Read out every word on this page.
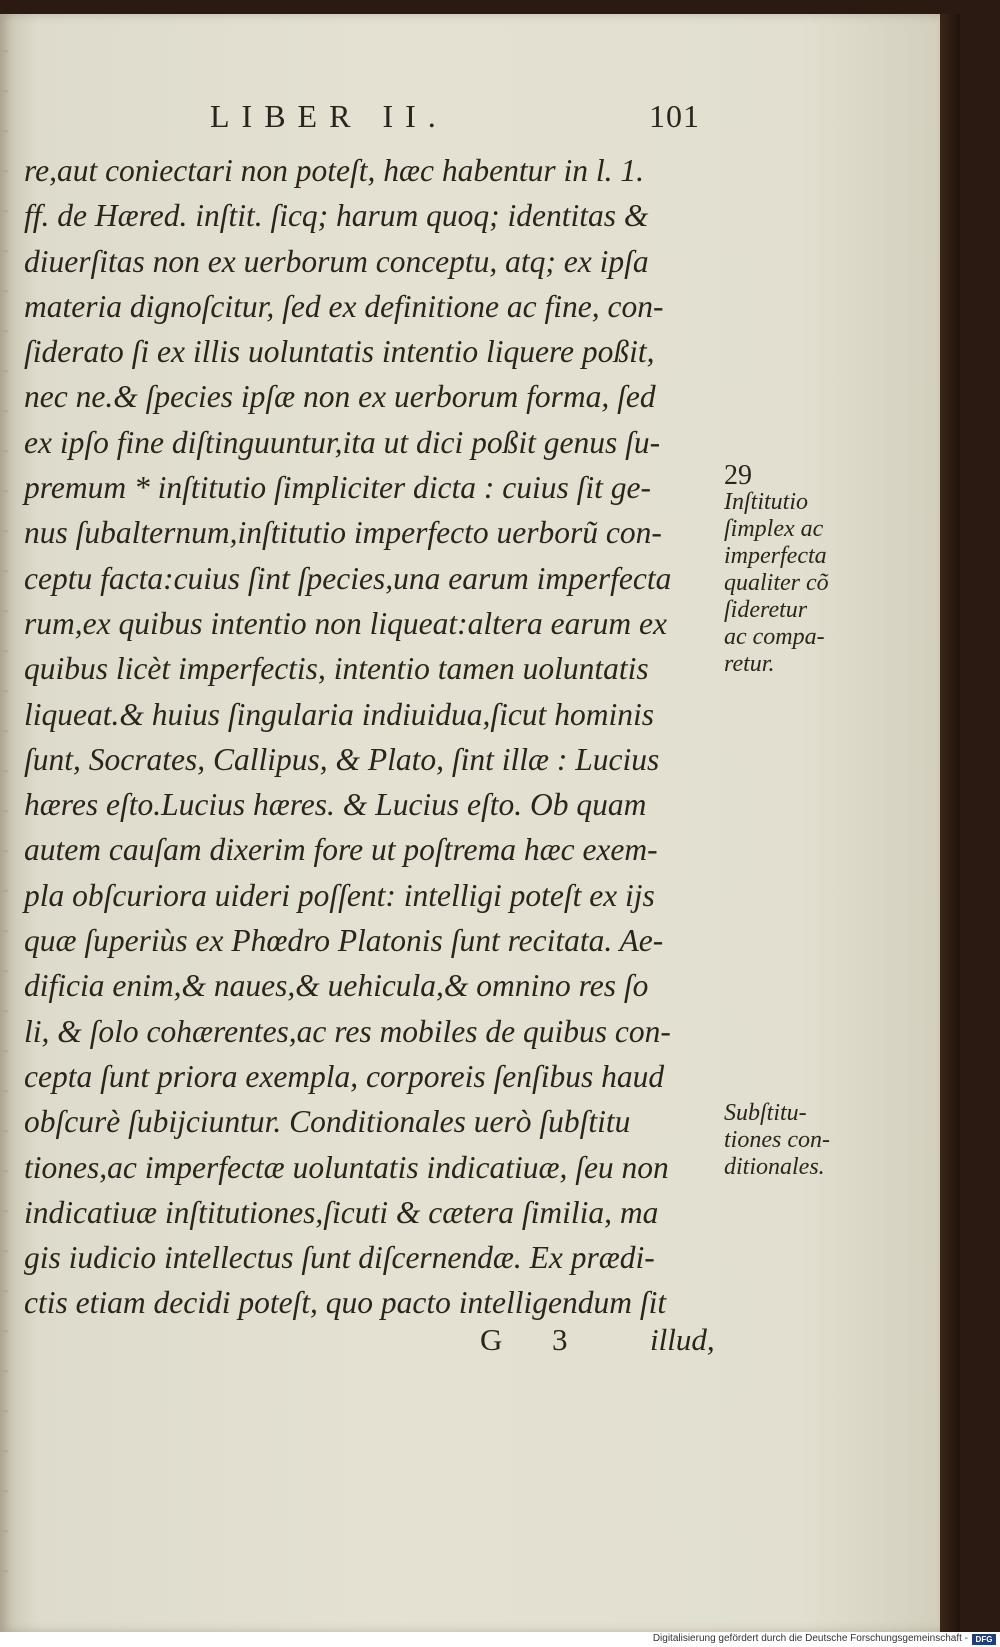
LIBER II.	101
re,aut coniectari non poteſt, hæc habentur in l. 1.
ff. de Hæred. inſtit. ſicq; harum quoq; identitas &
diuerſitas non ex uerborum conceptu, atq; ex ipſa
materia dignoſcitur, ſed ex definitione ac fine, con-
ſiderato ſi ex illis uoluntatis intentio liquere poßit,
nec ne.& ſpecies ipſæ non ex uerborum forma, ſed
ex ipſo fine diſtinguuntur,ita ut dici poßit genus ſu-
premum * inſtitutio ſimpliciter dicta : cuius ſit ge-
nus ſubalternum,inſtitutio imperfecto uerborũ con-
ceptu facta:cuius ſint ſpecies,una earum imperfecta
rum,ex quibus intentio non liqueat:altera earum ex
quibus licèt imperfectis, intentio tamen uoluntatis
liqueat.& huius ſingularia indiuidua,ſicut hominis
ſunt, Socrates, Callipus, & Plato, ſint illæ : Lucius
hæres eſto.Lucius hæres. & Lucius eſto. Ob quam
autem cauſam dixerim fore ut poſtrema hæc exem-
pla obſcuriora uideri poſſent: intelligi poteſt ex ijs
quæ ſuperiùs ex Phœdro Platonis ſunt recitata. Ae-
dificia enim,& naues,& uehicula,& omnino res ſo
li, & ſolo cohærentes,ac res mobiles de quibus con-
cepta ſunt priora exempla, corporeis ſenſibus haud
obſcurè ſubijciuntur. Conditionales uerò ſubſtitu
tiones,ac imperfectæ uoluntatis indicatiuæ, ſeu non
indicatiuæ inſtitutiones,ſicuti & cætera ſimilia, ma
gis iudicio intellectus ſunt diſcernendæ. Ex prædi-
ctis etiam decidi poteſt, quo pacto intelligendum ſit
G 3	illud,
29
Inſtitutio
ſimplex ac
imperfecta
qualiter cõ
ſideretur
ac compa-
retur.
Subſtitu-
tiones con-
ditionales.
Digitalisierung gefördert durch die Deutsche Forschungsgemeinschaft - DFG
